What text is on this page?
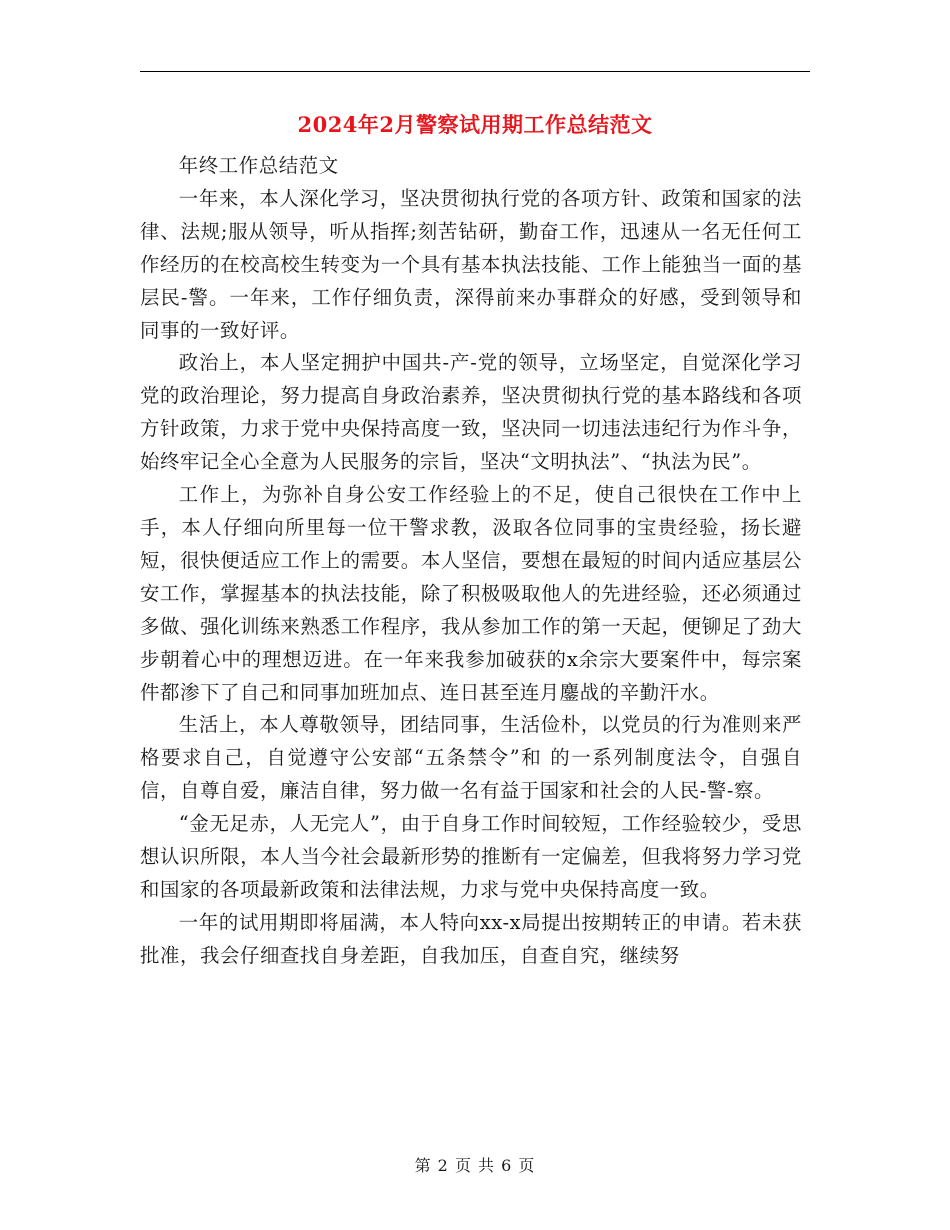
2024年2月警察试用期工作总结范文

年终工作总结范文

一年来，本人深化学习，坚决贯彻执行党的各项方针、政策和国家的法律、法规;服从领导，听从指挥;刻苦钻研，勤奋工作，迅速从一名无任何工作经历的在校高校生转变为一个具有基本执法技能、工作上能独当一面的基层民-警。一年来，工作仔细负责，深得前来办事群众的好感，受到领导和同事的一致好评。

政治上，本人坚定拥护中国共-产-党的领导，立场坚定，自觉深化学习党的政治理论，努力提高自身政治素养，坚决贯彻执行党的基本路线和各项方针政策，力求于党中央保持高度一致，坚决同一切违法违纪行为作斗争，始终牢记全心全意为人民服务的宗旨，坚决“文明执法”、“执法为民”。

工作上，为弥补自身公安工作经验上的不足，使自己很快在工作中上手，本人仔细向所里每一位干警求教，汲取各位同事的宝贵经验，扬长避短，很快便适应工作上的需要。本人坚信，要想在最短的时间内适应基层公安工作，掌握基本的执法技能，除了积极吸取他人的先进经验，还必须通过多做、强化训练来熟悉工作程序，我从参加工作的第一天起，便铆足了劲大步朝着心中的理想迈进。在一年来我参加破获的x余宗大要案件中，每宗案件都渗下了自己和同事加班加点、连日甚至连月鏖战的辛勤汗水。

生活上，本人尊敬领导，团结同事，生活俭朴，以党员的行为准则来严格要求自己，自觉遵守公安部“五条禁令”和 的一系列制度法令，自强自信，自尊自爱，廉洁自律，努力做一名有益于国家和社会的人民-警-察。

“金无足赤，人无完人”，由于自身工作时间较短，工作经验较少，受思想认识所限，本人当今社会最新形势的推断有一定偏差，但我将努力学习党和国家的各项最新政策和法律法规，力求与党中央保持高度一致。

一年的试用期即将届满，本人特向xx-x局提出按期转正的申请。若未获批准，我会仔细查找自身差距，自我加压，自查自究，继续努

第 2 页 共 6 页
